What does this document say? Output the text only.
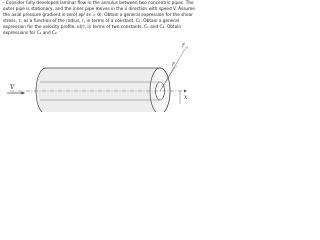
- Consider fully developed laminar flow in the annulus between two concentric pipes. The outer pipe is stationary, and the inner pipe moves in the x direction with speed V. Assume the axial pressure gradient is zero( ∂p/ ∂x = 0). Obtain a general expression for the shear stress, τ, as a function of the radius, r, in terms of a constant, C₁. Obtain a general expression for the velocity profile, u(r), in terms of two constants, C₁ and C₂. Obtain expressions for C₁ and C₂.

r o
r i
V
x
